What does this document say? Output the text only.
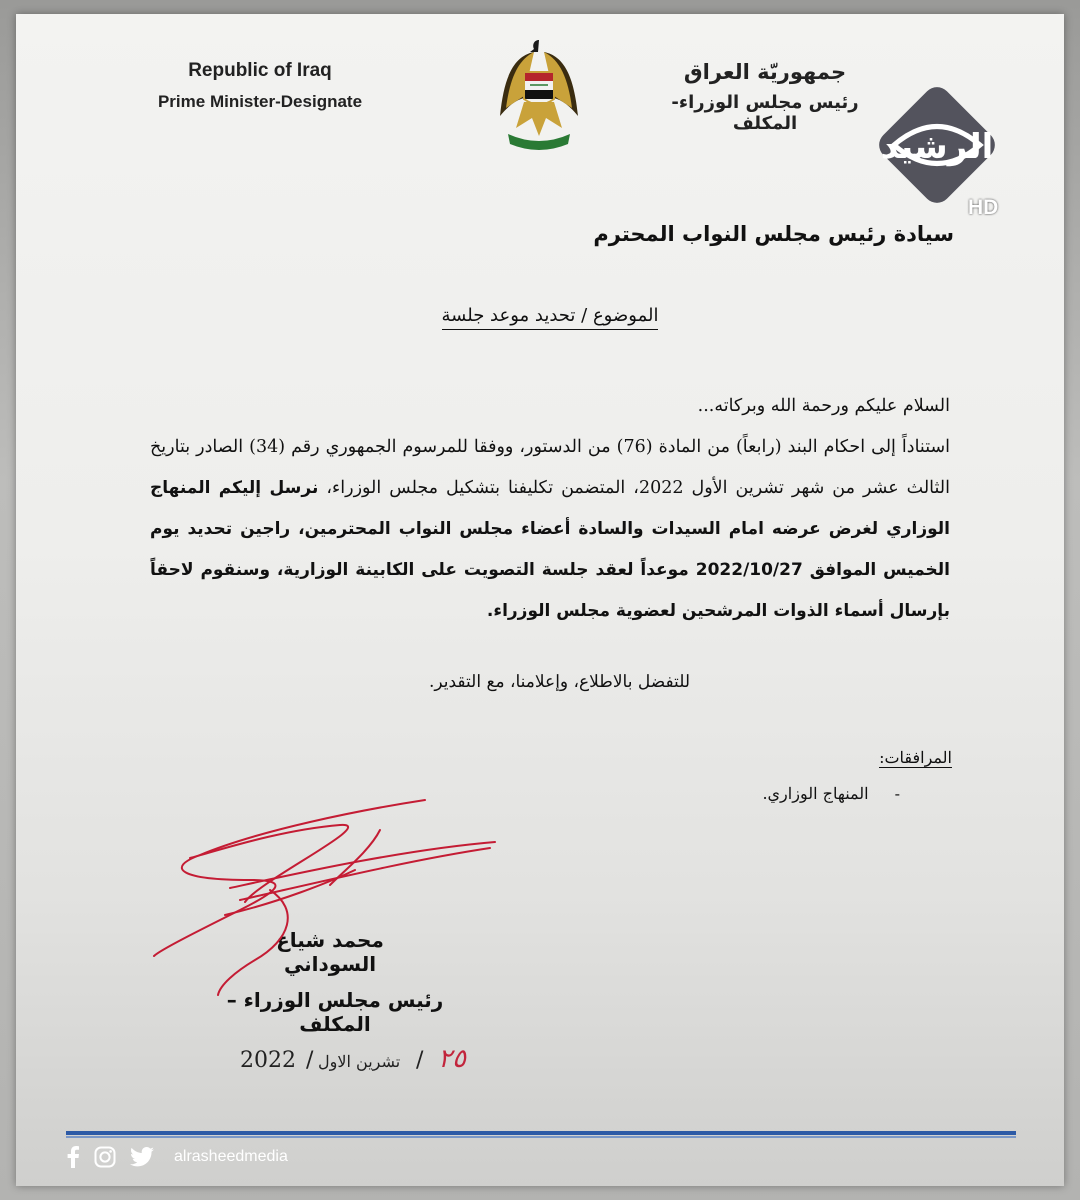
Republic of Iraq
Prime Minister-Designate
جمهوريّة العراق
رئيس مجلس الوزراء-المكلف
الرشيد
HD
سيادة رئيس مجلس النواب المحترم
الموضوع / تحديد موعد جلسة

السلام عليكم ورحمة الله وبركاته...

استناداً إلى احكام البند (رابعاً) من المادة (76) من الدستور، ووفقا للمرسوم الجمهوري رقم (34) الصادر بتاريخ الثالث عشر من شهر تشرين الأول 2022، المتضمن تكليفنا بتشكيل مجلس الوزراء، نرسل إليكم المنهاج الوزاري لغرض عرضه امام السيدات والسادة أعضاء مجلس النواب المحترمين، راجين تحديد يوم الخميس الموافق 2022/10/27 موعداً لعقد جلسة التصويت على الكابينة الوزارية، وسنقوم لاحقاً بإرسال أسماء الذوات المرشحين لعضوية مجلس الوزراء.

للتفضل بالاطلاع، وإعلامنا، مع التقدير.
المرافقات:
-المنهاج الوزاري.
محمد شياع السوداني
رئيس مجلس الوزراء – المكلف
2022 / تشرين الاول / ٢٥
alrasheedmedia
